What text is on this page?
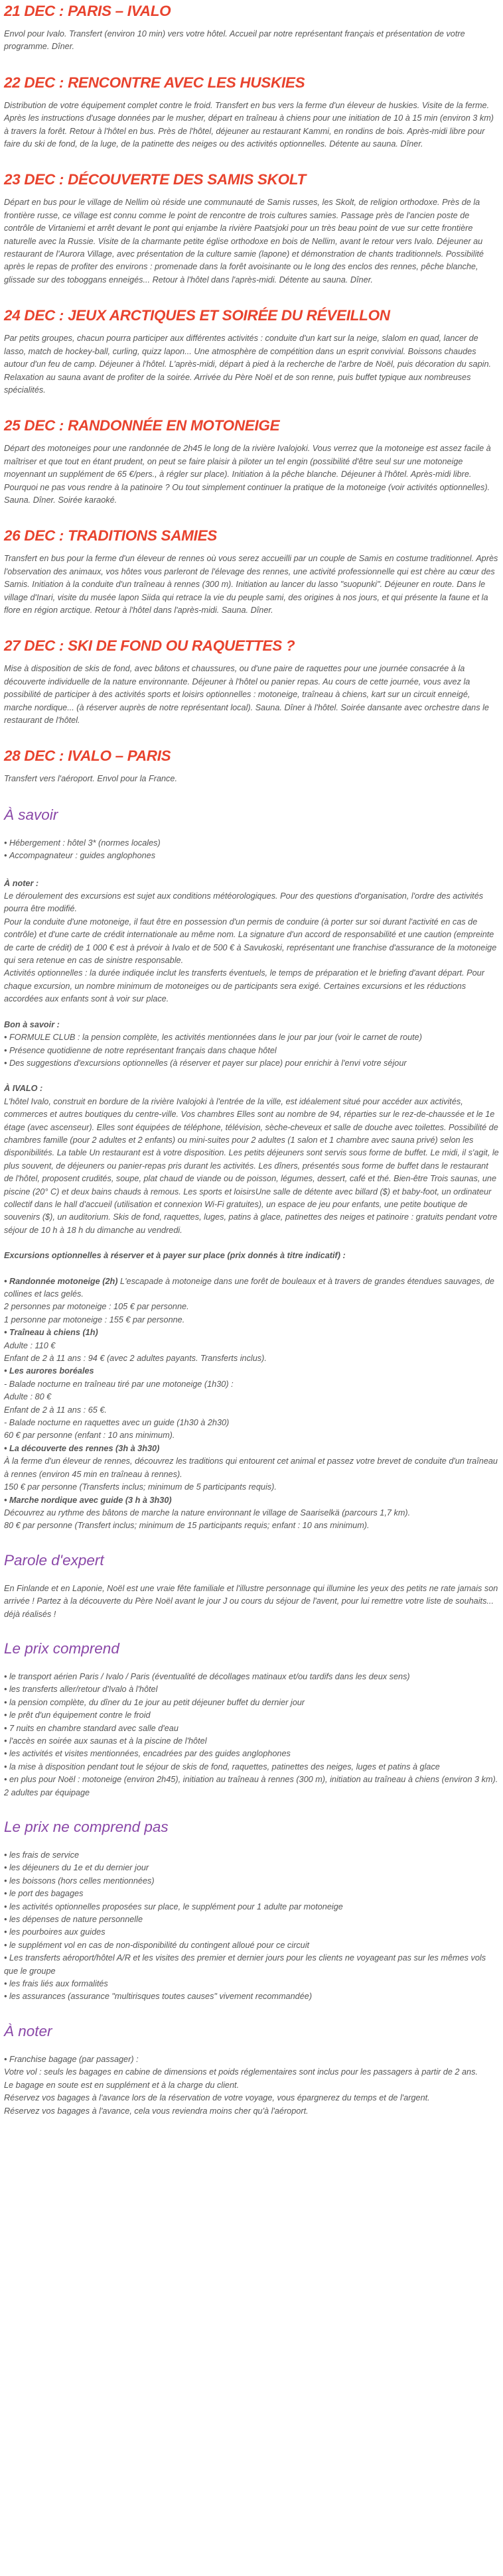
21 DEC : PARIS – IVALO

Envol pour Ivalo. Transfert (environ 10 min) vers votre hôtel. Accueil par notre représentant français et présentation de votre programme. Dîner.

22 DEC : RENCONTRE AVEC LES HUSKIES

Distribution de votre équipement complet contre le froid. Transfert en bus vers la ferme d'un éleveur de huskies. Visite de la ferme. Après les instructions d'usage données par le musher, départ en traîneau à chiens pour une initiation de 10 à 15 min (environ 3 km) à travers la forêt. Retour à l'hôtel en bus. Près de l'hôtel, déjeuner au restaurant Kammi, en rondins de bois. Après-midi libre pour faire du ski de fond, de la luge, de la patinette des neiges ou des activités optionnelles. Détente au sauna. Dîner.

23 DEC : DÉCOUVERTE DES SAMIS SKOLT

Départ en bus pour le village de Nellim où réside une communauté de Samis russes, les Skolt, de religion orthodoxe. Près de la frontière russe, ce village est connu comme le point de rencontre de trois cultures samies. Passage près de l'ancien poste de contrôle de Virtaniemi et arrêt devant le pont qui enjambe la rivière Paatsjoki pour un très beau point de vue sur cette frontière naturelle avec la Russie. Visite de la charmante petite église orthodoxe en bois de Nellim, avant le retour vers Ivalo. Déjeuner au restaurant de l'Aurora Village, avec présentation de la culture samie (lapone) et démonstration de chants traditionnels. Possibilité après le repas de profiter des environs : promenade dans la forêt avoisinante ou le long des enclos des rennes, pêche blanche, glissade sur des toboggans enneigés... Retour à l'hôtel dans l'après-midi. Détente au sauna. Dîner.

24 DEC : JEUX ARCTIQUES ET SOIRÉE DU RÉVEILLON

Par petits groupes, chacun pourra participer aux différentes activités : conduite d'un kart sur la neige, slalom en quad, lancer de lasso, match de hockey-ball, curling, quizz lapon... Une atmosphère de compétition dans un esprit convivial. Boissons chaudes autour d'un feu de camp. Déjeuner à l'hôtel. L'après-midi, départ à pied à la recherche de l'arbre de Noël, puis décoration du sapin. Relaxation au sauna avant de profiter de la soirée. Arrivée du Père Noël et de son renne, puis buffet typique aux nombreuses spécialités.

25 DEC : RANDONNÉE EN MOTONEIGE

Départ des motoneiges pour une randonnée de 2h45 le long de la rivière Ivalojoki. Vous verrez que la motoneige est assez facile à maîtriser et que tout en étant prudent, on peut se faire plaisir à piloter un tel engin (possibilité d'être seul sur une motoneige moyennant un supplément de 65 €/pers., à régler sur place). Initiation à la pêche blanche. Déjeuner à l'hôtel. Après-midi libre. Pourquoi ne pas vous rendre à la patinoire ? Ou tout simplement continuer la pratique de la motoneige (voir activités optionnelles). Sauna. Dîner. Soirée karaoké.

26 DEC : TRADITIONS SAMIES

Transfert en bus pour la ferme d'un éleveur de rennes où vous serez accueilli par un couple de Samis en costume traditionnel. Après l'observation des animaux, vos hôtes vous parleront de l'élevage des rennes, une activité professionnelle qui est chère au cœur des Samis. Initiation à la conduite d'un traîneau à rennes (300 m). Initiation au lancer du lasso "suopunki". Déjeuner en route. Dans le village d'Inari, visite du musée lapon Siida qui retrace la vie du peuple sami, des origines à nos jours, et qui présente la faune et la flore en région arctique. Retour à l'hôtel dans l'après-midi. Sauna. Dîner.

27 DEC : SKI DE FOND OU RAQUETTES ?

Mise à disposition de skis de fond, avec bâtons et chaussures, ou d'une paire de raquettes pour une journée consacrée à la découverte individuelle de la nature environnante. Déjeuner à l'hôtel ou panier repas. Au cours de cette journée, vous avez la possibilité de participer à des activités sports et loisirs optionnelles : motoneige, traîneau à chiens, kart sur un circuit enneigé, marche nordique... (à réserver auprès de notre représentant local). Sauna. Dîner à l'hôtel. Soirée dansante avec orchestre dans le restaurant de l'hôtel.

28 DEC : IVALO – PARIS

Transfert vers l'aéroport. Envol pour la France.

À savoir
• Hébergement : hôtel 3* (normes locales)
• Accompagnateur : guides anglophones
À noter :
Le déroulement des excursions est sujet aux conditions météorologiques. Pour des questions d'organisation, l'ordre des activités pourra être modifié.

Pour la conduite d'une motoneige, il faut être en possession d'un permis de conduire (à porter sur soi durant l'activité en cas de contrôle) et d'une carte de crédit internationale au même nom. La signature d'un accord de responsabilité et une caution (empreinte de carte de crédit) de 1 000 € est à prévoir à Ivalo et de 500 € à Savukoski, représentant une franchise d'assurance de la motoneige qui sera retenue en cas de sinistre responsable.

Activités optionnelles : la durée indiquée inclut les transferts éventuels, le temps de préparation et le briefing d'avant départ. Pour chaque excursion, un nombre minimum de motoneiges ou de participants sera exigé. Certaines excursions et les réductions accordées aux enfants sont à voir sur place.

Bon à savoir :
• FORMULE CLUB : la pension complète, les activités mentionnées dans le jour par jour (voir le carnet de route)
• Présence quotidienne de notre représentant français dans chaque hôtel
• Des suggestions d'excursions optionnelles (à réserver et payer sur place) pour enrichir à l'envi votre séjour
À IVALO :
L'hôtel Ivalo, construit en bordure de la rivière Ivalojoki à l'entrée de la ville, est idéalement situé pour accéder aux activités, commerces et autres boutiques du centre-ville. Vos chambres Elles sont au nombre de 94, réparties sur le rez-de-chaussée et le 1e étage (avec ascenseur). Elles sont équipées de téléphone, télévision, sèche-cheveux et salle de douche avec toilettes. Possibilité de chambres famille (pour 2 adultes et 2 enfants) ou mini-suites pour 2 adultes (1 salon et 1 chambre avec sauna privé) selon les disponibilités. La table Un restaurant est à votre disposition. Les petits déjeuners sont servis sous forme de buffet. Le midi, il s'agit, le plus souvent, de déjeuners ou panier-repas pris durant les activités. Les dîners, présentés sous forme de buffet dans le restaurant de l'hôtel, proposent crudités, soupe, plat chaud de viande ou de poisson, légumes, dessert, café et thé. Bien-être Trois saunas, une piscine (20° C) et deux bains chauds à remous. Les sports et loisirsUne salle de détente avec billard ($) et baby-foot, un ordinateur collectif dans le hall d'accueil (utilisation et connexion Wi-Fi gratuites), un espace de jeu pour enfants, une petite boutique de souvenirs ($), un auditorium. Skis de fond, raquettes, luges, patins à glace, patinettes des neiges et patinoire : gratuits pendant votre séjour de 10 h à 18 h du dimanche au vendredi.
Excursions optionnelles à réserver et à payer sur place (prix donnés à titre indicatif) :
• Randonnée motoneige (2h) L'escapade à motoneige dans une forêt de bouleaux et à travers de grandes étendues sauvages, de collines et lacs gelés.
2 personnes par motoneige : 105 € par personne.
1 personne par motoneige : 155 € par personne.
• Traîneau à chiens (1h)
Adulte : 110 €
Enfant de 2 à 11 ans : 94 € (avec 2 adultes payants. Transferts inclus).
• Les aurores boréales
- Balade nocturne en traîneau tiré par une motoneige (1h30) :
Adulte : 80 €
Enfant de 2 à 11 ans : 65 €.
- Balade nocturne en raquettes avec un guide (1h30 à 2h30)
60 € par personne (enfant : 10 ans minimum).
• La découverte des rennes (3h à 3h30)
À la ferme d'un éleveur de rennes, découvrez les traditions qui entourent cet animal et passez votre brevet de conduite d'un traîneau à rennes (environ 45 min en traîneau à rennes).
150 € par personne (Transferts inclus; minimum de 5 participants requis).
• Marche nordique avec guide (3 h à 3h30)
Découvrez au rythme des bâtons de marche la nature environnant le village de Saariselkä (parcours 1,7 km).
80 € par personne (Transfert inclus; minimum de 15 participants requis; enfant : 10 ans minimum).
Parole d'expert

En Finlande et en Laponie, Noël est une vraie fête familiale et l'illustre personnage qui illumine les yeux des petits ne rate jamais son arrivée ! Partez à la découverte du Père Noël avant le jour J ou cours du séjour de l'avent, pour lui remettre votre liste de souhaits... déjà réalisés !

Le prix comprend
• le transport aérien Paris / Ivalo / Paris (éventualité de décollages matinaux et/ou tardifs dans les deux sens)
• les transferts aller/retour d'Ivalo à l'hôtel
• la pension complète, du dîner du 1e jour au petit déjeuner buffet du dernier jour
• le prêt d'un équipement contre le froid
• 7 nuits en chambre standard avec salle d'eau
• l'accès en soirée aux saunas et à la piscine de l'hôtel
• les activités et visites mentionnées, encadrées par des guides anglophones
• la mise à disposition pendant tout le séjour de skis de fond, raquettes, patinettes des neiges, luges et patins à glace
• en plus pour Noël : motoneige (environ 2h45), initiation au traîneau à rennes (300 m), initiation au traîneau à chiens (environ 3 km). 2 adultes par équipage
Le prix ne comprend pas
• les frais de service
• les déjeuners du 1e et du dernier jour
• les boissons (hors celles mentionnées)
• le port des bagages
• les activités optionnelles proposées sur place, le supplément pour 1 adulte par motoneige
• les dépenses de nature personnelle
• les pourboires aux guides
• le supplément vol en cas de non-disponibilité du contingent alloué pour ce circuit
• Les transferts aéroport/hôtel A/R et les visites des premier et dernier jours pour les clients ne voyageant pas sur les mêmes vols que le groupe
• les frais liés aux formalités
• les assurances (assurance "multirisques toutes causes" vivement recommandée)
À noter
• Franchise bagage (par passager) :
Votre vol : seuls les bagages en cabine de dimensions et poids réglementaires sont inclus pour les passagers à partir de 2 ans.
Le bagage en soute est en supplément et à la charge du client.
Réservez vos bagages à l'avance lors de la réservation de votre voyage, vous épargnerez du temps et de l'argent.
Réservez vos bagages à l'avance, cela vous reviendra moins cher qu'à l'aéroport.
